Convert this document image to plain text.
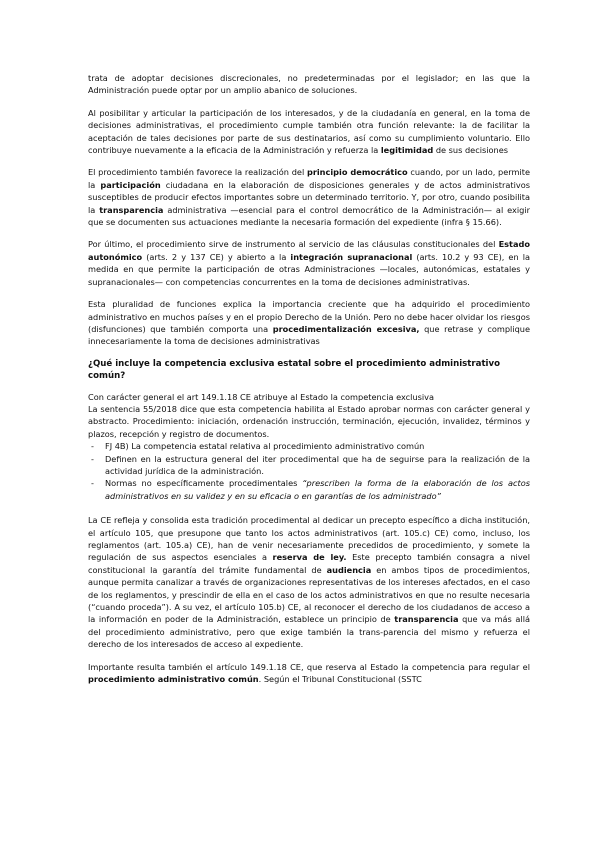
trata de adoptar decisiones discrecionales, no predeterminadas por el legislador; en las que la Administración puede optar por un amplio abanico de soluciones.

Al posibilitar y articular la participación de los interesados, y de la ciudadanía en general, en la toma de decisiones administrativas, el procedimiento cumple también otra función relevante: la de facilitar la aceptación de tales decisiones por parte de sus destinatarios, así como su cumplimiento voluntario. Ello contribuye nuevamente a la eficacia de la Administración y refuerza la legitimidad de sus decisiones

El procedimiento también favorece la realización del principio democrático cuando, por un lado, permite la participación ciudadana en la elaboración de disposiciones generales y de actos administrativos susceptibles de producir efectos importantes sobre un determinado territorio. Y, por otro, cuando posibilita la transparencia administrativa —esencial para el control democrático de la Administración— al exigir que se documenten sus actuaciones mediante la necesaria formación del expediente (infra § 15.66).

Por último, el procedimiento sirve de instrumento al servicio de las cláusulas constitucionales del Estado autonómico (arts. 2 y 137 CE) y abierto a la integración supranacional (arts. 10.2 y 93 CE), en la medida en que permite la participación de otras Administraciones —locales, autonómicas, estatales y supranacionales— con competencias concurrentes en la toma de decisiones administrativas.

Esta pluralidad de funciones explica la importancia creciente que ha adquirido el procedimiento administrativo en muchos países y en el propio Derecho de la Unión. Pero no debe hacer olvidar los riesgos (disfunciones) que también comporta una procedimentalización excesiva, que retrase y complique innecesariamente la toma de decisiones administrativas

¿Qué incluye la competencia exclusiva estatal sobre el procedimiento administrativo común?

Con carácter general el art 149.1.18 CE atribuye al Estado la competencia exclusiva

La sentencia 55/2018 dice que esta competencia habilita al Estado aprobar normas con carácter general y abstracto. Procedimiento: iniciación, ordenación instrucción, terminación, ejecución, invalidez, términos y plazos, recepción y registro de documentos.

- FJ 4B) La competencia estatal relativa al procedimiento administrativo común
- Definen en la estructura general del iter procedimental que ha de seguirse para la realización de la actividad jurídica de la administración.
- Normas no específicamente procedimentales “prescriben la forma de la elaboración de los actos administrativos en su validez y en su eficacia o en garantías de los administrado”

La CE refleja y consolida esta tradición procedimental al dedicar un precepto específico a dicha institución, el artículo 105, que presupone que tanto los actos administrativos (art. 105.c) CE) como, incluso, los reglamentos (art. 105.a) CE), han de venir necesariamente precedidos de procedimiento, y somete la regulación de sus aspectos esenciales a reserva de ley. Este precepto también consagra a nivel constitucional la garantía del trámite fundamental de audiencia en ambos tipos de procedimientos, aunque permita canalizar a través de organizaciones representativas de los intereses afectados, en el caso de los reglamentos, y prescindir de ella en el caso de los actos administrativos en que no resulte necesaria (“cuando proceda”). A su vez, el artículo 105.b) CE, al reconocer el derecho de los ciudadanos de acceso a la información en poder de la Administración, establece un principio de transparencia que va más allá del procedimiento administrativo, pero que exige también la trans-parencia del mismo y refuerza el derecho de los interesados de acceso al expediente.

Importante resulta también el artículo 149.1.18 CE, que reserva al Estado la competencia para regular el procedimiento administrativo común. Según el Tribunal Constitucional (SSTC
